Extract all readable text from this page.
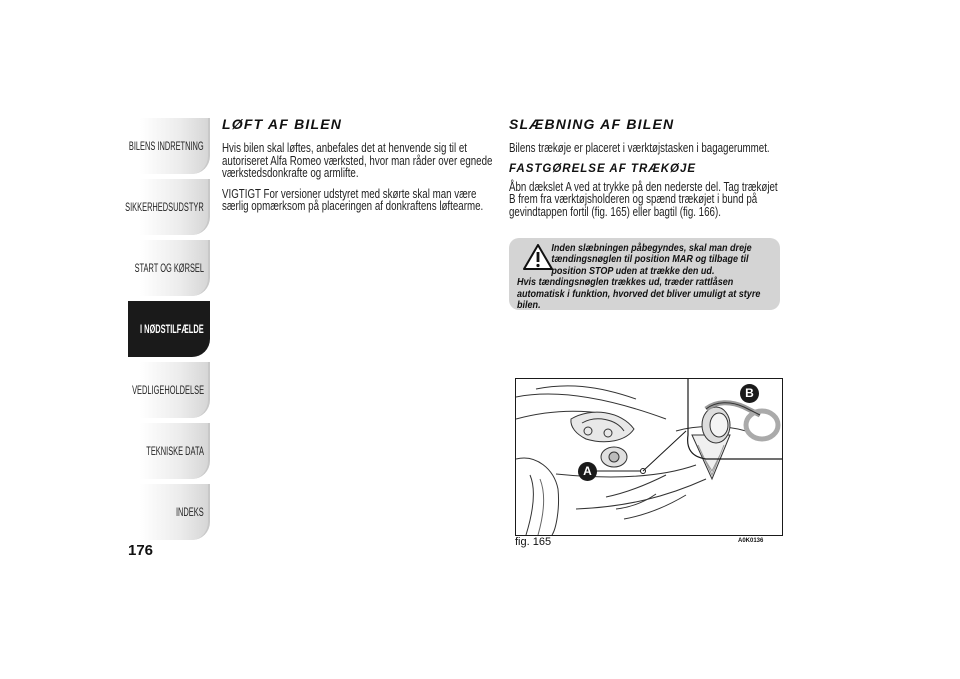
BILENS INDRETNING
SIKKERHEDSUDSTYR
START OG KØRSEL
I NØDSTILFÆLDE
VEDLIGEHOLDELSE
TEKNISKE DATA
INDEKS
176
LØFT AF BILEN

Hvis bilen skal løftes, anbefales det at henvende sig til et autoriseret Alfa Romeo værksted, hvor man råder over egnede værkstedsdonkrafte og armlifte.

VIGTIGT For versioner udstyret med skørte skal man være særlig opmærksom på placeringen af donkraftens løftearme.

SLÆBNING AF BILEN

Bilens trækøje er placeret i værktøjstasken i bagagerummet.

FASTGØRELSE AF TRÆKØJE

Åbn dækslet A ved at trykke på den nederste del. Tag trækøjet B frem fra værktøjsholderen og spænd trækøjet i bund på gevindtappen fortil (fig. 165) eller bagtil (fig. 166).

Inden slæbningen påbegyndes, skal man dreje tændingsnøglen til position MAR og tilbage til position STOP uden at trække den ud.
Hvis tændingsnøglen trækkes ud, træder rattlåsen automatisk i funktion, hvorved det bliver umuligt at styre bilen.
A
B
fig. 165	A0K0136
